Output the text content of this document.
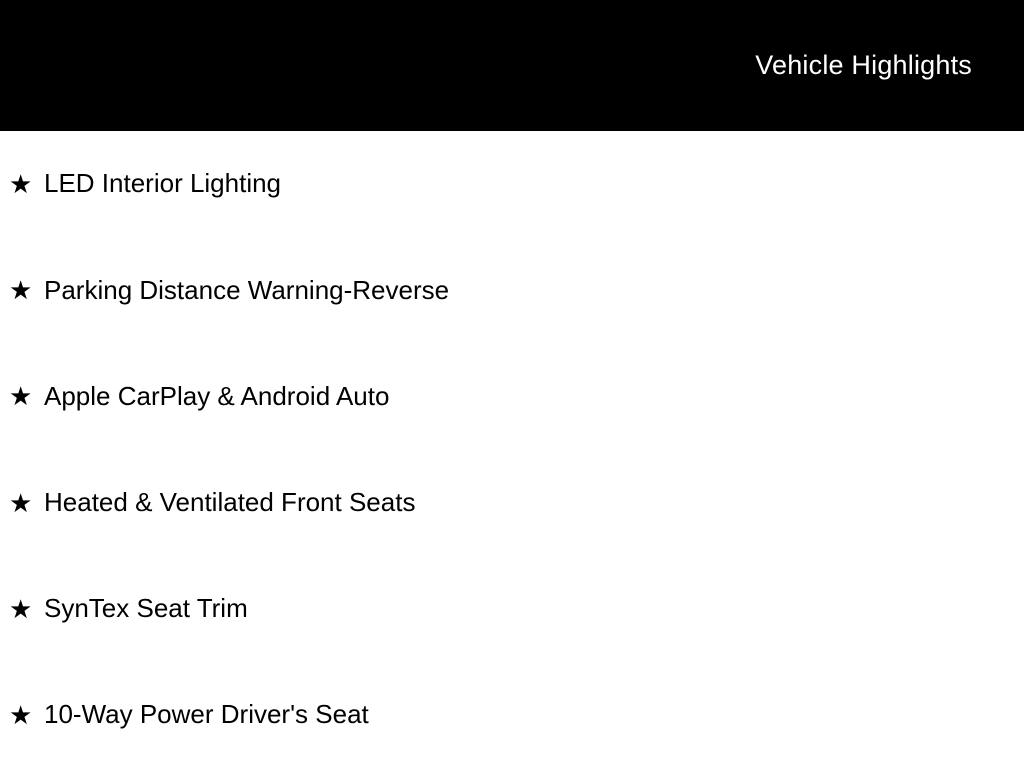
Vehicle Highlights
★ LED Interior Lighting
★ Parking Distance Warning-Reverse
★ Apple CarPlay & Android Auto
★ Heated & Ventilated Front Seats
★ SynTex Seat Trim
★ 10-Way Power Driver's Seat
